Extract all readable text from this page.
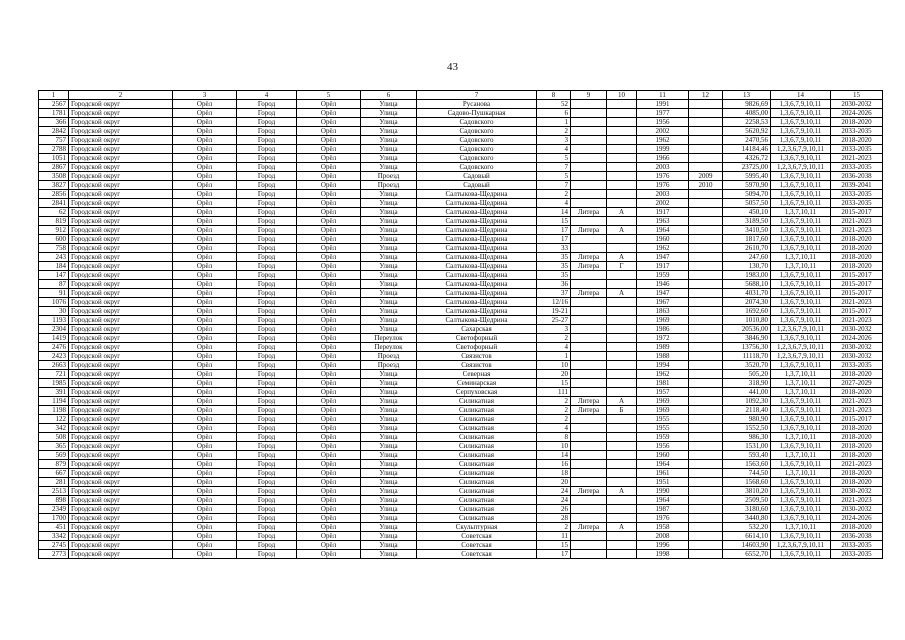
43
1	2	3	4	5	6	7	8	9	10	11	12	13	14	15
2567	Городской округ	Орёл	Город	Орёл	Улица	Русанова	52			1991		9826,69	1,3,6,7,9,10,11	2030-2032
1781	Городской округ	Орёл	Город	Орёл	Улица	Садово-Пушкарная	6			1977		4085,00	1,3,6,7,9,10,11	2024-2026
366	Городской округ	Орёл	Город	Орёл	Улица	Садовского	1			1956		2258,53	1,3,6,7,9,10,11	2018-2020
2842	Городской округ	Орёл	Город	Орёл	Улица	Садовского	2			2002		5620,92	1,3,6,7,9,10,11	2033-2035
757	Городской округ	Орёл	Город	Орёл	Улица	Садовского	3			1962		2470,56	1,3,6,7,9,10,11	2018-2020
2788	Городской округ	Орёл	Город	Орёл	Улица	Садовского	4			1999		14184,46	1,2,3,6,7,9,10,11	2033-2035
1051	Городской округ	Орёл	Город	Орёл	Улица	Садовского	5			1966		4326,72	1,3,6,7,9,10,11	2021-2023
2867	Городской округ	Орёл	Город	Орёл	Улица	Садовского	7			2003		23725,00	1,2,3,6,7,9,10,11	2033-2035
3508	Городской округ	Орёл	Город	Орёл	Проезд	Садовый	5			1976	2009	5995,40	1,3,6,7,9,10,11	2036-2038
3827	Городской округ	Орёл	Город	Орёл	Проезд	Садовый	7			1976	2010	5970,90	1,3,6,7,9,10,11	2039-2041
2856	Городской округ	Орёл	Город	Орёл	Улица	Салтыкова-Щедрина	2			2003		5094,70	1,3,6,7,9,10,11	2033-2035
2841	Городской округ	Орёл	Город	Орёл	Улица	Салтыкова-Щедрина	4			2002		5057,50	1,3,6,7,9,10,11	2033-2035
62	Городской округ	Орёл	Город	Орёл	Улица	Салтыкова-Щедрина	14	Литера	А	1917		450,10	1,3,7,10,11	2015-2017
819	Городской округ	Орёл	Город	Орёл	Улица	Салтыкова-Щедрина	15			1963		3189,50	1,3,6,7,9,10,11	2021-2023
912	Городской округ	Орёл	Город	Орёл	Улица	Салтыкова-Щедрина	17	Литера	А	1964		3410,50	1,3,6,7,9,10,11	2021-2023
600	Городской округ	Орёл	Город	Орёл	Улица	Салтыкова-Щедрина	17			1960		1817,60	1,3,6,7,9,10,11	2018-2020
758	Городской округ	Орёл	Город	Орёл	Улица	Салтыкова-Щедрина	33			1962		2610,70	1,3,6,7,9,10,11	2018-2020
243	Городской округ	Орёл	Город	Орёл	Улица	Салтыкова-Щедрина	35	Литера	А	1947		247,60	1,3,7,10,11	2018-2020
184	Городской округ	Орёл	Город	Орёл	Улица	Салтыкова-Щедрина	35	Литера	Г	1917		130,70	1,3,7,10,11	2018-2020
147	Городской округ	Орёл	Город	Орёл	Улица	Салтыкова-Щедрина	35			1959		1983,00	1,3,6,7,9,10,11	2015-2017
87	Городской округ	Орёл	Город	Орёл	Улица	Салтыкова-Щедрина	36			1946		5688,10	1,3,6,7,9,10,11	2015-2017
91	Городской округ	Орёл	Город	Орёл	Улица	Салтыкова-Щедрина	37	Литера	А	1947		4031,70	1,3,6,7,9,10,11	2015-2017
1076	Городской округ	Орёл	Город	Орёл	Улица	Салтыкова-Щедрина	12/16			1967		2074,30	1,3,6,7,9,10,11	2021-2023
30	Городской округ	Орёл	Город	Орёл	Улица	Салтыкова-Щедрина	19-21			1863		1692,60	1,3,6,7,9,10,11	2015-2017
1193	Городской округ	Орёл	Город	Орёл	Улица	Салтыкова-Щедрина	25-27			1969		1010,80	1,3,6,7,9,10,11	2021-2023
2304	Городской округ	Орёл	Город	Орёл	Улица	Сахарская	3			1986		20536,00	1,2,3,6,7,9,10,11	2030-2032
1419	Городской округ	Орёл	Город	Орёл	Переулок	Светофорный	2			1972		3846,90	1,3,6,7,9,10,11	2024-2026
2476	Городской округ	Орёл	Город	Орёл	Переулок	Светофорный	4			1989		13756,30	1,2,3,6,7,9,10,11	2030-2032
2423	Городской округ	Орёл	Город	Орёл	Проезд	Связистов	1			1988		11118,70	1,2,3,6,7,9,10,11	2030-2032
2663	Городской округ	Орёл	Город	Орёл	Проезд	Связистов	10			1994		3520,70	1,3,6,7,9,10,11	2033-2035
721	Городской округ	Орёл	Город	Орёл	Улица	Северная	20			1962		505,20	1,3,7,10,11	2018-2020
1985	Городской округ	Орёл	Город	Орёл	Улица	Семинарская	15			1981		318,90	1,3,7,10,11	2027-2029
391	Городской округ	Орёл	Город	Орёл	Улица	Серпуховская	111			1957		441,00	1,3,7,10,11	2018-2020
1194	Городской округ	Орёл	Город	Орёл	Улица	Силикатная	2	Литера	А	1969		1092,30	1,3,6,7,9,10,11	2021-2023
1198	Городской округ	Орёл	Город	Орёл	Улица	Силикатная	2	Литера	Б	1969		2118,40	1,3,6,7,9,10,11	2021-2023
122	Городской округ	Орёл	Город	Орёл	Улица	Силикатная	2			1955		980,90	1,3,6,7,9,10,11	2015-2017
342	Городской округ	Орёл	Город	Орёл	Улица	Силикатная	4			1955		1552,50	1,3,6,7,9,10,11	2018-2020
508	Городской округ	Орёл	Город	Орёл	Улица	Силикатная	8			1959		986,30	1,3,7,10,11	2018-2020
365	Городской округ	Орёл	Город	Орёл	Улица	Силикатная	10			1956		1531,00	1,3,6,7,9,10,11	2018-2020
569	Городской округ	Орёл	Город	Орёл	Улица	Силикатная	14			1960		593,40	1,3,7,10,11	2018-2020
879	Городской округ	Орёл	Город	Орёл	Улица	Силикатная	16			1964		1563,60	1,3,6,7,9,10,11	2021-2023
667	Городской округ	Орёл	Город	Орёл	Улица	Силикатная	18			1961		744,50	1,3,7,10,11	2018-2020
281	Городской округ	Орёл	Город	Орёл	Улица	Силикатная	20			1951		1568,60	1,3,6,7,9,10,11	2018-2020
2513	Городской округ	Орёл	Город	Орёл	Улица	Силикатная	24	Литера	А	1990		3810,20	1,3,6,7,9,10,11	2030-2032
898	Городской округ	Орёл	Город	Орёл	Улица	Силикатная	24			1964		2509,50	1,3,6,7,9,10,11	2021-2023
2349	Городской округ	Орёл	Город	Орёл	Улица	Силикатная	26			1987		3180,60	1,3,6,7,9,10,11	2030-2032
1700	Городской округ	Орёл	Город	Орёл	Улица	Силикатная	28			1976		3440,80	1,3,6,7,9,10,11	2024-2026
451	Городской округ	Орёл	Город	Орёл	Улица	Скульптурная	2	Литера	А	1958		532,20	1,3,7,10,11	2018-2020
3342	Городской округ	Орёл	Город	Орёл	Улица	Советская	11			2008		6614,10	1,3,6,7,9,10,11	2036-2038
2745	Городской округ	Орёл	Город	Орёл	Улица	Советская	15			1996		14603,90	1,2,3,6,7,9,10,11	2033-2035
2773	Городской округ	Орёл	Город	Орёл	Улица	Советская	17			1998		6552,70	1,3,6,7,9,10,11	2033-2035
